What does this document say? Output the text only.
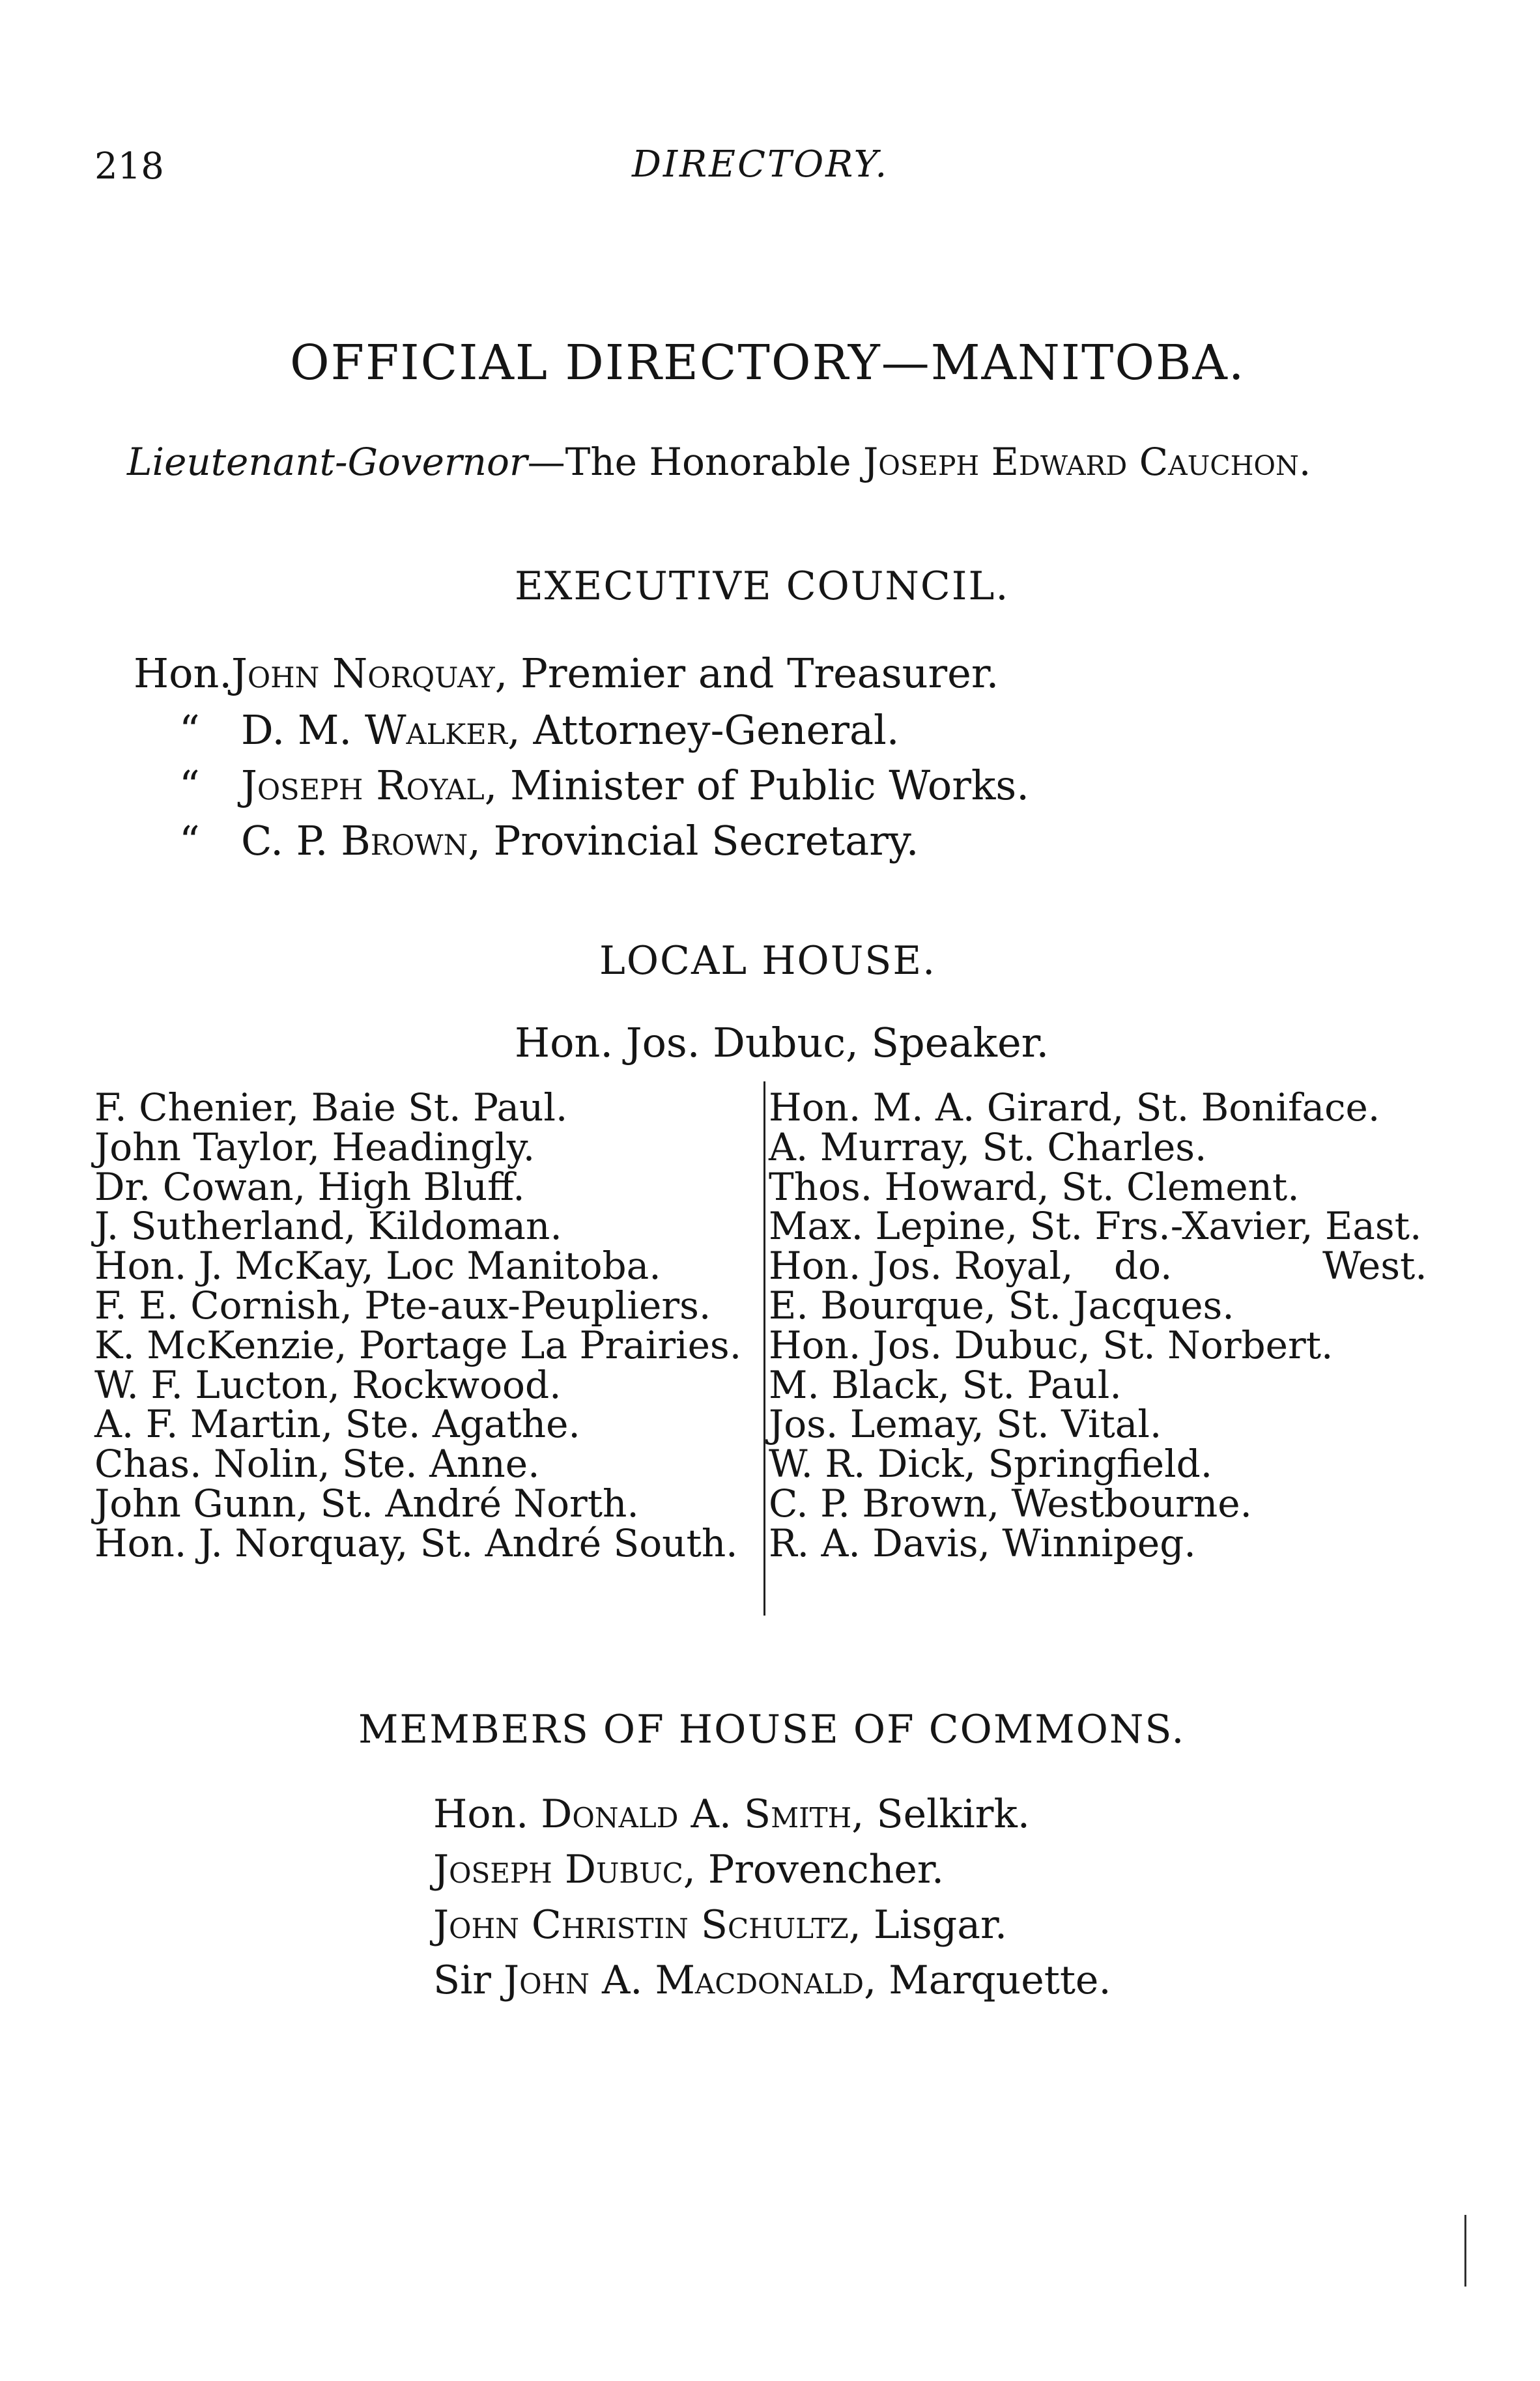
218	DIRECTORY.
OFFICIAL DIRECTORY—MANITOBA.
Lieutenant-Governor—The Honorable Joseph Edward Cauchon.
EXECUTIVE COUNCIL.
Hon.John Norquay, Premier and Treasurer.
“ D. M. Walker, Attorney-General.
“ Joseph Royal, Minister of Public Works.
“ C. P. Brown, Provincial Secretary.
LOCAL HOUSE.
Hon. Jos. Dubuc, Speaker.
F. Chenier, Baie St. Paul.
John Taylor, Headingly.
Dr. Cowan, High Bluff.
J. Sutherland, Kildoman.
Hon. J. McKay, Loc Manitoba.
F. E. Cornish, Pte-aux-Peupliers.
K. McKenzie, Portage La Prairies.
W. F. Lucton, Rockwood.
A. F. Martin, Ste. Agathe.
Chas. Nolin, Ste. Anne.
John Gunn, St. André North.
Hon. J. Norquay, St. André South.
Hon. M. A. Girard, St. Boniface.
A. Murray, St. Charles.
Thos. Howard, St. Clement.
Max. Lepine, St. Frs.-Xavier, East.
Hon. Jos. Royal, do.	West.
E. Bourque, St. Jacques.
Hon. Jos. Dubuc, St. Norbert.
M. Black, St. Paul.
Jos. Lemay, St. Vital.
W. R. Dick, Springfield.
C. P. Brown, Westbourne.
R. A. Davis, Winnipeg.
MEMBERS OF HOUSE OF COMMONS.
Hon. Donald A. Smith, Selkirk.
Joseph Dubuc, Provencher.
John Christin Schultz, Lisgar.
Sir John A. Macdonald, Marquette.
